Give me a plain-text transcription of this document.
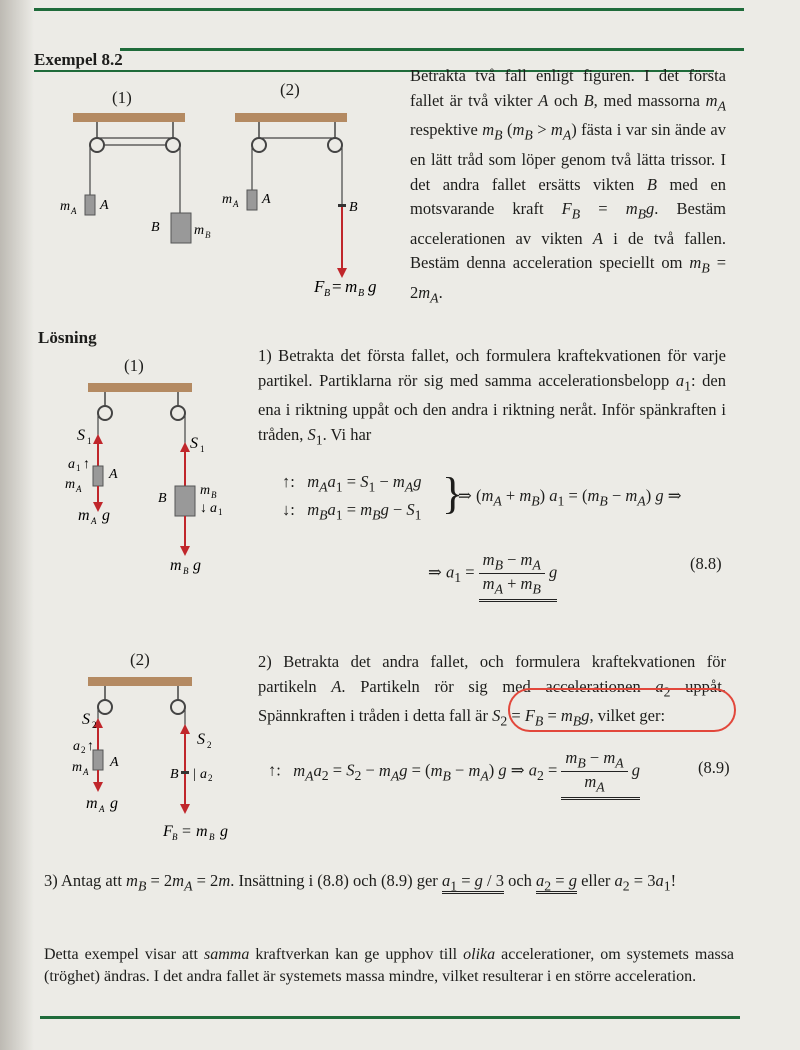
Exempel 8.2
(1)
m A A
B m B
(2)
m A A
B
F B = m B g
Betrakta två fall enligt figuren. I det första fallet är två vikter A och B, med massorna $m_A$ respektive $m_B$ $(m_B > m_A)$ fästa i var sin ände av en lätt tråd som löper genom två lätta trissor. I det andra fallet ersätts vikten B med en motsvarande kraft $F_B = m_Bg$. Bestäm accelerationen av vikten A i de två fallen. Bestäm denna acceleration speciellt om $m_B = 2m_A$.
Lösning
(1)
S 1
a 1 ↑
m A
A
m A g
S 1
B
m B
↓ a 1
m B g
1) Betrakta det första fallet, och formulera kraftekvationen för varje partikel. Partiklarna rör sig med samma accelerationsbelopp $a_1$: den ena i riktning uppåt och den andra i riktning neråt. Inför spänkraften i tråden, $S_1$. Vi har
↑:   $m_Aa_1 = S_1 - m_Ag$
↓:   $m_Ba_1 = m_Bg - S_1$ }
⇒ $(m_A + m_B) a_1 = (m_B - m_A)$ g ⇒
⇒ $a_1 = \frac{m_B - m_A}{m_A + m_B}$ g	(8.8)
(2)
S 2
a 2 ↑
m A
A
m A g
S 2
B | a 2
F B = m B g
2) Betrakta det andra fallet, och formulera kraftekvationen för partikeln A. Partikeln rör sig med accelerationen $a_2$ uppåt. Spännkraften i tråden i detta fall är $S_2 = F_B = m_Bg$, vilket ger:
↑:   $m_Aa_2 = S_2 - m_Ag = (m_B - m_A)$ g ⇒ $a_2 = \frac{m_B - m_A}{m_A}$ g	(8.9)
3) Antag att $m_B = 2m_A = 2m$. Insättning i (8.8) och (8.9) ger $a_1 = g / 3$ och $a_2 = g$ eller $a_2 = 3a_1$!
Detta exempel visar att samma kraftverkan kan ge upphov till olika accelerationer, om systemets massa (tröghet) ändras. I det andra fallet är systemets massa mindre, vilket resulterar i en större acceleration.
